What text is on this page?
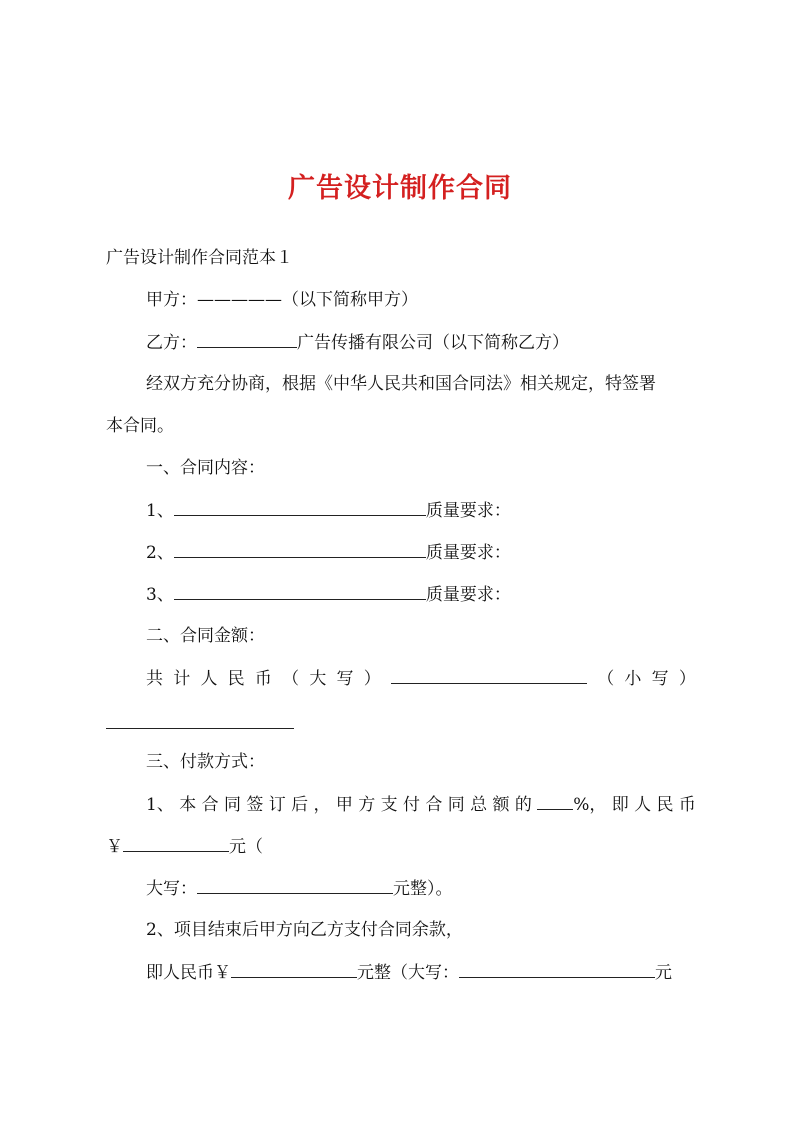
广告设计制作合同
广告设计制作合同范本１
甲方：—————（以下简称甲方）
乙方：	广告传播有限公司（以下简称乙方）
经双方充分协商，根据《中华人民共和国合同法》相关规定，特签署
本合同。
一、合同内容：
1、	质量要求：
2、	质量要求：
3、	质量要求：
二、合同金额：
共 计 人 民 币 （ 大 写 ）	（ 小 写 ）
三、付款方式：
1、 本 合 同 签 订 后 ， 甲 方 支 付 合 同 总 额 的	%， 即 人 民 币
￥	元（
大写：	元整）。
2、项目结束后甲方向乙方支付合同余款，
即人民币￥	元整（大写：	元
